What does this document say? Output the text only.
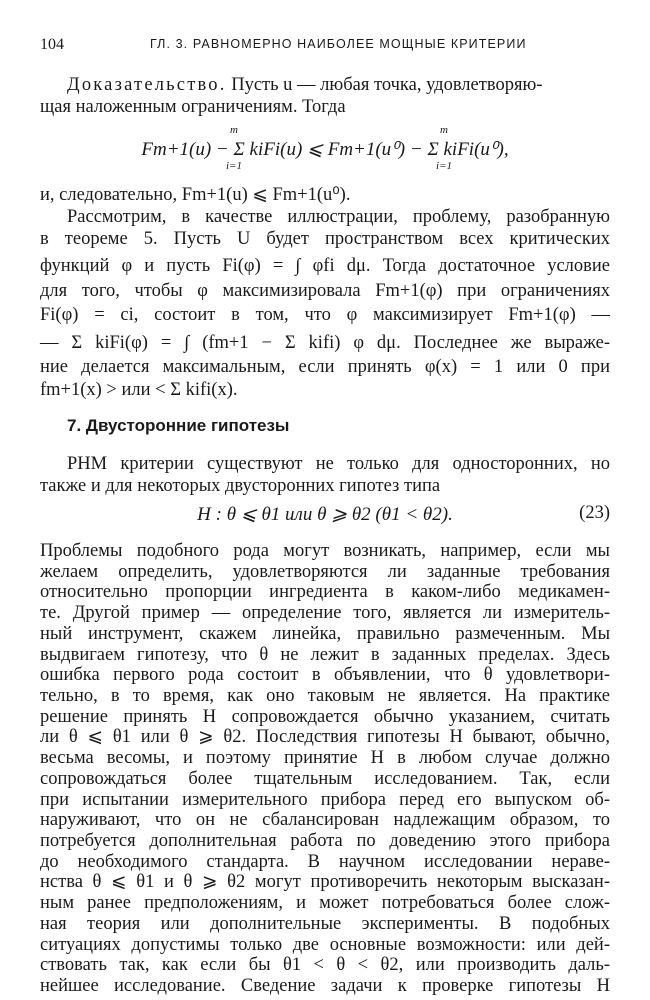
104	ГЛ. 3. РАВНОМЕРНО НАИБОЛЕЕ МОЩНЫЕ КРИТЕРИИ
Доказательство. Пусть u — любая точка, удовлетворяю-
щая наложенным ограничениям. Тогда
Fm+1(u) − Σ kiFi(u) ⩽ Fm+1(u⁰) − Σ kiFi(u⁰),
m
i=1
m
i=1
и, следовательно, Fm+1(u) ⩽ Fm+1(u⁰).
Рассмотрим, в качестве иллюстрации, проблему, разобранную
в теореме 5. Пусть U будет пространством всех критических
функций φ и пусть Fi(φ) = ∫ φfi dμ. Тогда достаточное условие
для того, чтобы φ максимизировала Fm+1(φ) при ограничениях
Fi(φ) = ci, состоит в том, что φ максимизирует Fm+1(φ) —
— Σ kiFi(φ) = ∫ (fm+1 − Σ kifi) φ dμ. Последнее же выраже-
ние делается максимальным, если принять φ(x) = 1 или 0 при
fm+1(x) > или < Σ kifi(x).
7. Двусторонние гипотезы
РНМ критерии существуют не только для односторонних, но
также и для некоторых двусторонних гипотез типа
H : θ ⩽ θ1 или θ ⩾ θ2 (θ1 < θ2).	(23)
Проблемы подобного рода могут возникать, например, если мы
желаем определить, удовлетворяются ли заданные требования
относительно пропорции ингредиента в каком-либо медикамен-
те. Другой пример — определение того, является ли измеритель-
ный инструмент, скажем линейка, правильно размеченным. Мы
выдвигаем гипотезу, что θ не лежит в заданных пределах. Здесь
ошибка первого рода состоит в объявлении, что θ удовлетвори-
тельно, в то время, как оно таковым не является. На практике
решение принять H сопровождается обычно указанием, считать
ли θ ⩽ θ1 или θ ⩾ θ2. Последствия гипотезы H бывают, обычно,
весьма весомы, и поэтому принятие H в любом случае должно
сопровождаться более тщательным исследованием. Так, если
при испытании измерительного прибора перед его выпуском об-
наруживают, что он не сбалансирован надлежащим образом, то
потребуется дополнительная работа по доведению этого прибора
до необходимого стандарта. В научном исследовании нераве-
нства θ ⩽ θ1 и θ ⩾ θ2 могут противоречить некоторым высказан-
ным ранее предположениям, и может потребоваться более слож-
ная теория или дополнительные эксперименты. В подобных
ситуациях допустимы только две основные возможности: или дей-
ствовать так, как если бы θ1 < θ < θ2, или производить даль-
нейшее исследование. Сведение задачи к проверке гипотезы H
